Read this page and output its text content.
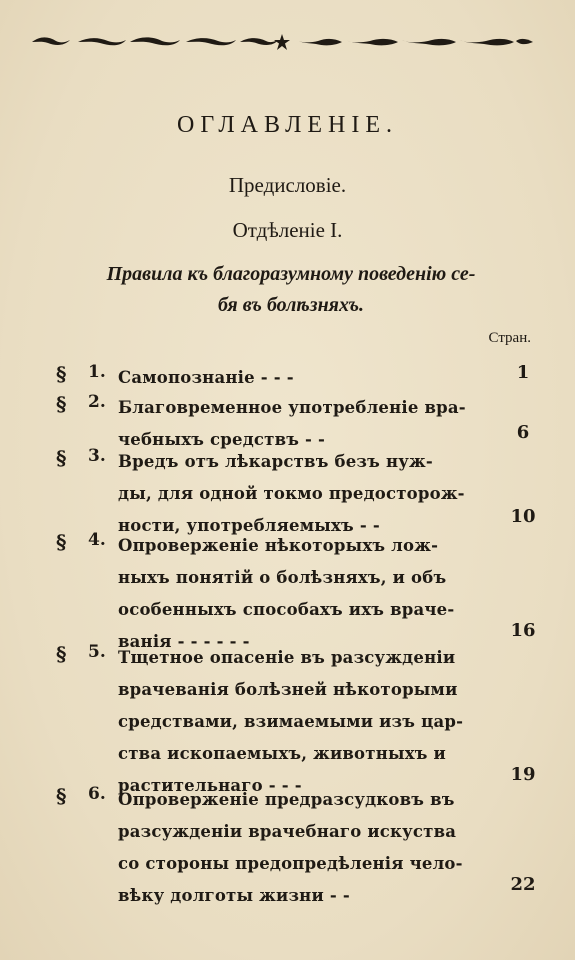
ОГЛАВЛЕНІЕ.
Предисловіе.
Отдѣленіе I.
Правила къ благоразумному поведенію се-
бя въ болѣзняхъ.
Стран.
§ 1. Самопознаніе - - -	1
§ 2. Благовременное употребленіе вра-
чебныхъ средствъ - -	6
§ 3. Вредъ отъ лѣкарствъ безъ нуж-
ды, для одной токмо предосторож-
ности, употребляемыхъ - -	10
§ 4. Опроверженіе нѣкоторыхъ лож-
ныхъ понятій о болѣзняхъ, и объ
особенныхъ способахъ ихъ враче-
ванія - - - - - -
16
§ 5. Тщетное опасеніе въ разсужденіи
врачеванія болѣзней нѣкоторыми
средствами, взимаемыми изъ цар-
ства ископаемыхъ, животныхъ и
растительнаго - - -
19
§ 6. Опроверженіе предразсудковъ въ
разсужденіи врачебнаго искуства
со стороны предопредѣленія чело-
вѣку долготы жизни - -
22
